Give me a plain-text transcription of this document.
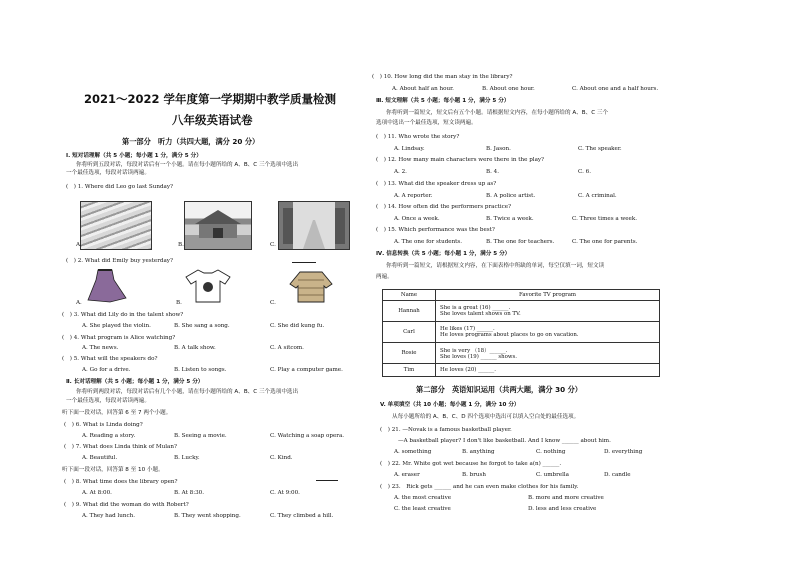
2021～2022 学年度第一学期期中教学质量检测
八年级英语试卷
第一部分　听力（共四大题，满分 20 分）
Ⅰ. 短对话理解（共 5 小题；每小题 1 分，满分 5 分）
你将听到五段对话，每段对话后有一个小题。请在每小题所给的 A、B、C 三个选项中选出
一个最佳选项，每段对话读两遍。
(　) 1. Where did Leo go last Sunday?
A.	B.	C.
(　) 2. What did Emily buy yesterday?
A.	B.	C.
(　) 3. What did Lily do in the talent show?
A. She played the violin.	B. She sang a song.	C. She did kung fu.
(　) 4. What program is Alice watching?
A. The news.	B. A talk show.	C. A sitcom.
(　) 5. What will the speakers do?
A. Go for a drive.	B. Listen to songs.	C. Play a computer game.
Ⅱ. 长对话理解（共 5 小题；每小题 1 分，满分 5 分）
你将听到两段对话，每段对话后有几个小题，请在每小题所给的 A、B、C 三个选项中选出
一个最佳选项，每段对话读两遍。
听下面一段对话，回答第 6 至 7 两个小题。
(　) 6. What is Linda doing?
A. Reading a story.	B. Seeing a movie.	C. Watching a soap opera.
(　) 7. What does Linda think of Mulan?
A. Beautiful.	B. Lucky.	C. Kind.
听下面一段对话，回答第 8 至 10 小题。
(　) 8. What time does the library open?
A. At 8:00.	B. At 8:30.	C. At 9:00.
(　) 9. What did the woman do with Robert?
A. They had lunch.	B. They went shopping.	C. They climbed a hill.
(　) 10. How long did the man stay in the library?
A. About half an hour.	B. About one hour.	C. About one and a half hours.
Ⅲ. 短文理解（共 5 小题；每小题 1 分，满分 5 分）
你将听到一篇短文，短文后有五个小题。请根据短文内容，在每小题所给的 A、B、C 三个
选项中选出一个最佳选项，短文读两遍。
(　) 11. Who wrote the story?
A. Lindsay.	B. Jason.	C. The speaker.
(　) 12. How many main characters were there in the play?
A. 2.	B. 4.	C. 6.
(　) 13. What did the speaker dress up as?
A. A reporter.	B. A police artist.	C. A criminal.
(　) 14. How often did the performers practice?
A. Once a week.	B. Twice a week.	C. Three times a week.
(　) 15. Which performance was the best?
A. The one for students.	B. The one for teachers.	C. The one for parents.
Ⅳ. 信息转换（共 5 小题；每小题 1 分，满分 5 分）
你将听到一篇短文，请根据短文内容，在下面表格中所缺的单词，每空仅填一词，短文读
两遍。
Name	Favorite TV program
Hannah	She is a great (16) ______.
She loves talent shows on TV.

Carl	He likes (17) ______.
He loves programs about places to go on vacation.

Rosie	She is very （18）______.
She loves (19) ______ shows.

Tim	He loves (20) ______.
第二部分　英语知识运用（共两大题，满分 30 分）
V. 单项填空（共 10 小题；每小题 1 分，满分 10 分）
从每小题所给的 A、B、C、D 四个选项中选出可以填入空白处的最佳选项。
(　) 21. —Novak is a famous basketball player.
—A basketball player? I don't like basketball. And I know ______ about him.
A. something	B. anything	C. nothing	D. everything
(　) 22. Mr. White got wet because he forgot to take a(n) ______.
A. eraser	B. brush	C. umbrella	D. candle
(　) 23.　Rick gets ______ and he can even make clothes for his family.
A. the most creative	B. more and more creative
C. the least creative	D. less and less creative
